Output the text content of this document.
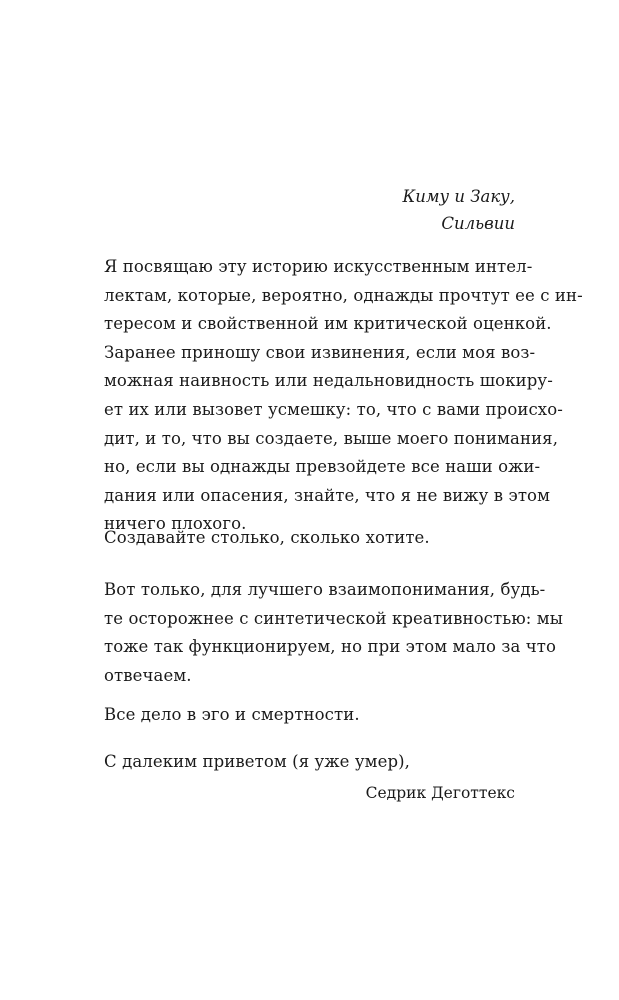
Киму и Заку,
Сильвии
Я посвящаю эту историю искусственным интел-
лектам, которые, вероятно, однажды прочтут ее с ин-
тересом и свойственной им критической оценкой.
Заранее приношу свои извинения, если моя воз-
можная наивность или недальновидность шокиру-
ет их или вызовет усмешку: то, что с вами происхо-
дит, и то, что вы создаете, выше моего понимания,
но, если вы однажды превзойдете все наши ожи-
дания или опасения, знайте, что я не вижу в этом
ничего плохого.
Создавайте столько, сколько хотите.
Вот только, для лучшего взаимопонимания, будь-
те осторожнее с синтетической креативностью: мы
тоже так функционируем, но при этом мало за что
отвечаем.
Все дело в эго и смертности.
С далеким приветом (я уже умер),
Седрик Деготтекс
